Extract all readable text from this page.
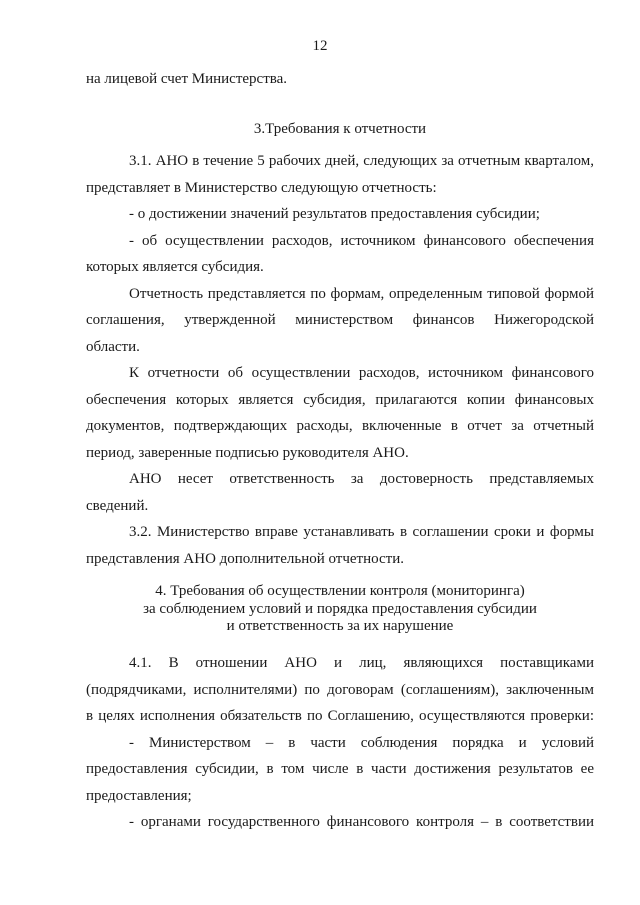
12

на лицевой счет Министерства.

3.Требования к отчетности

3.1. АНО в течение 5 рабочих дней, следующих за отчетным кварталом,

представляет в Министерство следующую отчетность:

- о достижении значений результатов предоставления субсидии;

- об осуществлении расходов, источником финансового обеспечения

которых является субсидия.

Отчетность представляется по формам, определенным типовой формой

соглашения, утвержденной министерством финансов Нижегородской

области.

К отчетности об осуществлении расходов, источником финансового

обеспечения которых является субсидия, прилагаются копии финансовых

документов, подтверждающих расходы, включенные в отчет за отчетный

период, заверенные подписью руководителя АНО.

АНО несет ответственность за достоверность представляемых

сведений.

3.2. Министерство вправе устанавливать в соглашении сроки и формы

представления АНО дополнительной отчетности.

4. Требования об осуществлении контроля (мониторинга)
за соблюдением условий и порядка предоставления субсидии
и ответственность за их нарушение

4.1. В отношении АНО и лиц, являющихся поставщиками

(подрядчиками, исполнителями) по договорам (соглашениям), заключенным

в целях исполнения обязательств по Соглашению, осуществляются проверки:

- Министерством – в части соблюдения порядка и условий

предоставления субсидии, в том числе в части достижения результатов ее

предоставления;

- органами государственного финансового контроля – в соответствии
